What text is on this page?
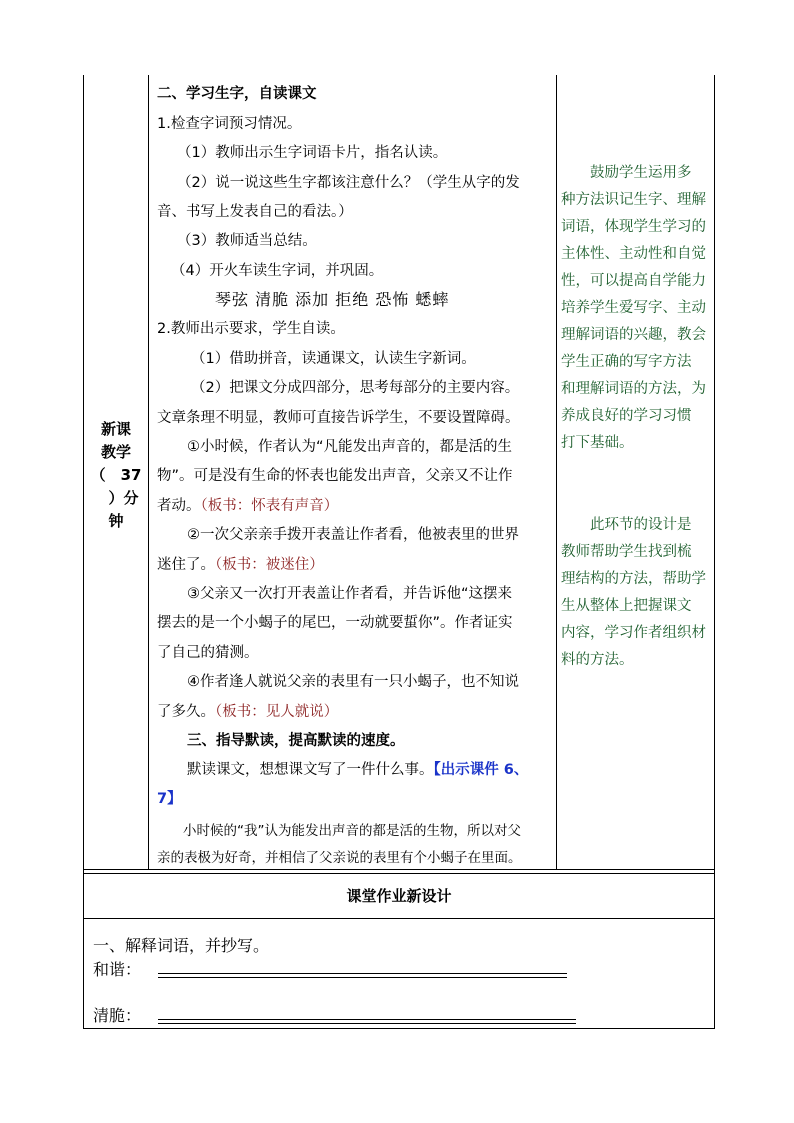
新课
教学
（　37
　）分
钟
二、学习生字，自读课文
1.检查字词预习情况。
（1）教师出示生字词语卡片，指名认读。
（2）说一说这些生字都该注意什么？（学生从字的发
音、书写上发表自己的看法。）
（3）教师适当总结。
（4）开火车读生字词，并巩固。
琴弦 清脆 添加 拒绝 恐怖 蟋蟀
2.教师出示要求，学生自读。
（1）借助拼音，读通课文，认读生字新词。
（2）把课文分成四部分，思考每部分的主要内容。
文章条理不明显，教师可直接告诉学生，不要设置障碍。
①小时候，作者认为“凡能发出声音的，都是活的生
物”。可是没有生命的怀表也能发出声音，父亲又不让作
者动。（板书：怀表有声音）
②一次父亲亲手拨开表盖让作者看，他被表里的世界
迷住了。（板书：被迷住）
③父亲又一次打开表盖让作者看，并告诉他“这摆来
摆去的是一个小蝎子的尾巴，一动就要蜇你”。作者证实
了自己的猜测。
④作者逢人就说父亲的表里有一只小蝎子，也不知说
了多久。（板书：见人就说）
三、指导默读，提高默读的速度。
默读课文，想想课文写了一件什么事。【出示课件 6、
7】
小时候的“我”认为能发出声音的都是活的生物，所以对父
亲的表极为好奇，并相信了父亲说的表里有个小蝎子在里面。
　　鼓励学生运用多
种方法识记生字、理解
词语，体现学生学习的
主体性、主动性和自觉
性，可以提高自学能力
培养学生爱写字、主动
理解词语的兴趣，教会
学生正确的写字方法
和理解词语的方法，为
养成良好的学习习惯
打下基础。
　　此环节的设计是
教师帮助学生找到梳
理结构的方法，帮助学
生从整体上把握课文
内容，学习作者组织材
料的方法。
课堂作业新设计
一、解释词语，并抄写。
和谐：
清脆：
